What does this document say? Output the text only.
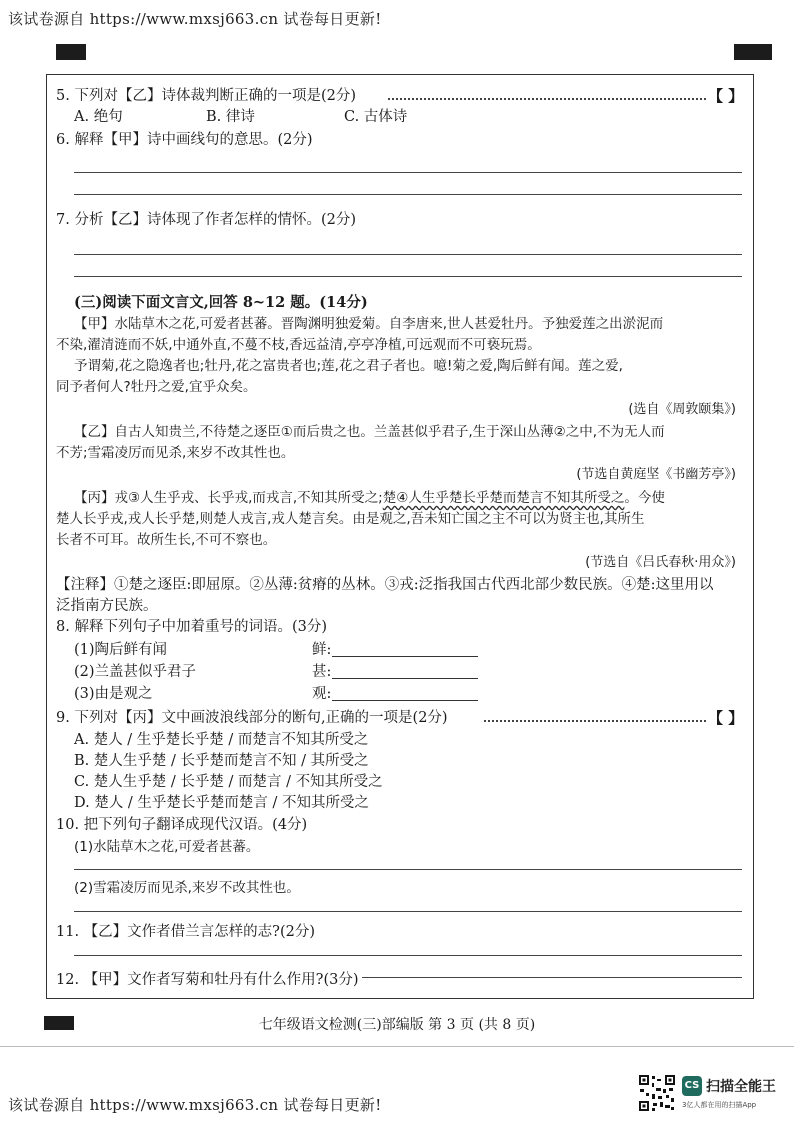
该试卷源自 https://www.mxsj663.cn 试卷每日更新!
5. 下列对【乙】诗体裁判断正确的一项是(2分)	【 】
A. 绝句	B. 律诗	C. 古体诗
6. 解释【甲】诗中画线句的意思。(2分)
7. 分析【乙】诗体现了作者怎样的情怀。(2分)
(三)阅读下面文言文,回答 8~12 题。(14分)
【甲】水陆草木之花,可爱者甚蕃。晋陶渊明独爱菊。自李唐来,世人甚爱牡丹。予独爱莲之出淤泥而
不染,濯清涟而不妖,中通外直,不蔓不枝,香远益清,亭亭净植,可远观而不可亵玩焉。
予谓菊,花之隐逸者也;牡丹,花之富贵者也;莲,花之君子者也。噫!菊之爱,陶后鲜有闻。莲之爱,
同予者何人?牡丹之爱,宜乎众矣。
(选自《周敦颐集》)
【乙】自古人知贵兰,不待楚之逐臣①而后贵之也。兰盖甚似乎君子,生于深山丛薄②之中,不为无人而
不芳;雪霜凌厉而见杀,来岁不改其性也。
(节选自黄庭坚《书幽芳亭》)
【丙】戎③人生乎戎、长乎戎,而戎言,不知其所受之;楚④人生乎楚长乎楚而楚言不知其所受之。今使
楚人长乎戎,戎人长乎楚,则楚人戎言,戎人楚言矣。由是观之,吾未知亡国之主不可以为贤主也,其所生
长者不可耳。故所生长,不可不察也。
(节选自《吕氏春秋·用众》)
【注释】①楚之逐臣:即屈原。②丛薄:贫瘠的丛林。③戎:泛指我国古代西北部少数民族。④楚:这里用以
泛指南方民族。
8. 解释下列句子中加着重号的词语。(3分)
(1)陶后鲜有闻	鲜:
(2)兰盖甚似乎君子	甚:
(3)由是观之	观:
9. 下列对【丙】文中画波浪线部分的断句,正确的一项是(2分)	【 】
A. 楚人 / 生乎楚长乎楚 / 而楚言不知其所受之
B. 楚人生乎楚 / 长乎楚而楚言不知 / 其所受之
C. 楚人生乎楚 / 长乎楚 / 而楚言 / 不知其所受之
D. 楚人 / 生乎楚长乎楚而楚言 / 不知其所受之
10. 把下列句子翻译成现代汉语。(4分)
(1)水陆草木之花,可爱者甚蕃。
(2)雪霜凌厉而见杀,来岁不改其性也。
11. 【乙】文作者借兰言怎样的志?(2分)
12. 【甲】文作者写菊和牡丹有什么作用?(3分)
七年级语文检测(三)部编版 第 3 页 (共 8 页)
该试卷源自 https://www.mxsj663.cn 试卷每日更新!
CS 扫描全能王
3亿人都在用的扫描App
